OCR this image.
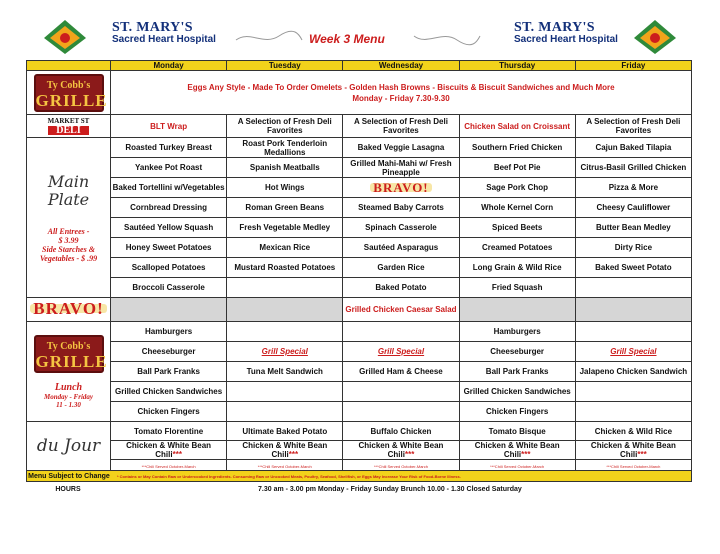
ST. MARY'S
Sacred Heart Hospital	Week 3 Menu
ST. MARY'S
Sacred Heart Hospital
	Monday	Tuesday	Wednesday	Thursday	Friday

Ty Cobb's
GRILLE	Eggs Any Style - Made To Order Omelets - Golden Hash Browns - Biscuits & Biscuit Sandwiches and Much More
Monday - Friday 7.30-9.30				

MARKET ST
DELI	BLT Wrap	A Selection of Fresh Deli Favorites	A Selection of Fresh Deli Favorites	Chicken Salad on Croissant	A Selection of Fresh Deli Favorites
Main Plate

All Entrees -
$ 3.99
Side Starches &
Vegetables - $ .99	Roasted Turkey Breast	Roast Pork Tenderloin Medallions	Baked Veggie Lasagna	Southern Fried Chicken	Cajun Baked Tilapia
	Yankee Pot Roast	Spanish Meatballs	Grilled Mahi-Mahi w/ Fresh Pineapple	Beef Pot Pie	Citrus-Basil Grilled Chicken
	Baked Tortellini w/Vegetables	Hot Wings	BRAVO!	Sage Pork Chop	Pizza & More
	Cornbread Dressing	Roman Green Beans	Steamed Baby Carrots	Whole Kernel Corn	Cheesy Cauliflower
	Sautéed Yellow Squash	Fresh Vegetable Medley	Spinach Casserole	Spiced Beets	Butter Bean Medley
	Honey Sweet Potatoes	Mexican Rice	Sautéed Asparagus	Creamed Potatoes	Dirty Rice
	Scalloped Potatoes	Mustard Roasted Potatoes	Garden Rice	Long Grain & Wild Rice	Baked Sweet Potato
	Broccoli Casserole		Baked Potato	Fried Squash	
BRAVO!			Grilled Chicken Caesar Salad		

Ty Cobb's
GRILLE

Lunch
Monday - Friday
11 - 1.30	Hamburgers			Hamburgers	
	Cheeseburger	Grill Special	Grill Special	Cheeseburger	Grill Special
	Ball Park Franks	Tuna Melt Sandwich	Grilled Ham & Cheese	Ball Park Franks	Jalapeno Chicken Sandwich
	Grilled Chicken Sandwiches			Grilled Chicken Sandwiches	
	Chicken Fingers			Chicken Fingers	
du Jour	Tomato Florentine	Ultimate Baked Potato	Buffalo Chicken	Tomato Bisque	Chicken & Wild Rice
	Chicken & White Bean Chili***	Chicken & White Bean Chili***	Chicken & White Bean Chili***	Chicken & White Bean Chili***	Chicken & White Bean Chili***
	***Chili Served October-March	***Chili Served October-March	***Chili Served October-March	***Chili Served October-March	***Chili Served October-March
Menu Subject to Change	* Contains or May Contain Raw or Undercooked Ingredients. Consuming Raw or Uncooked Meats, Poultry, Seafood, Shellfish, or Eggs May Increase Your Risk of Food-Borne Illness.
HOURS	7.30 am - 3.00 pm Monday - Friday Sunday Brunch 10.00 - 1.30 Closed Saturday
